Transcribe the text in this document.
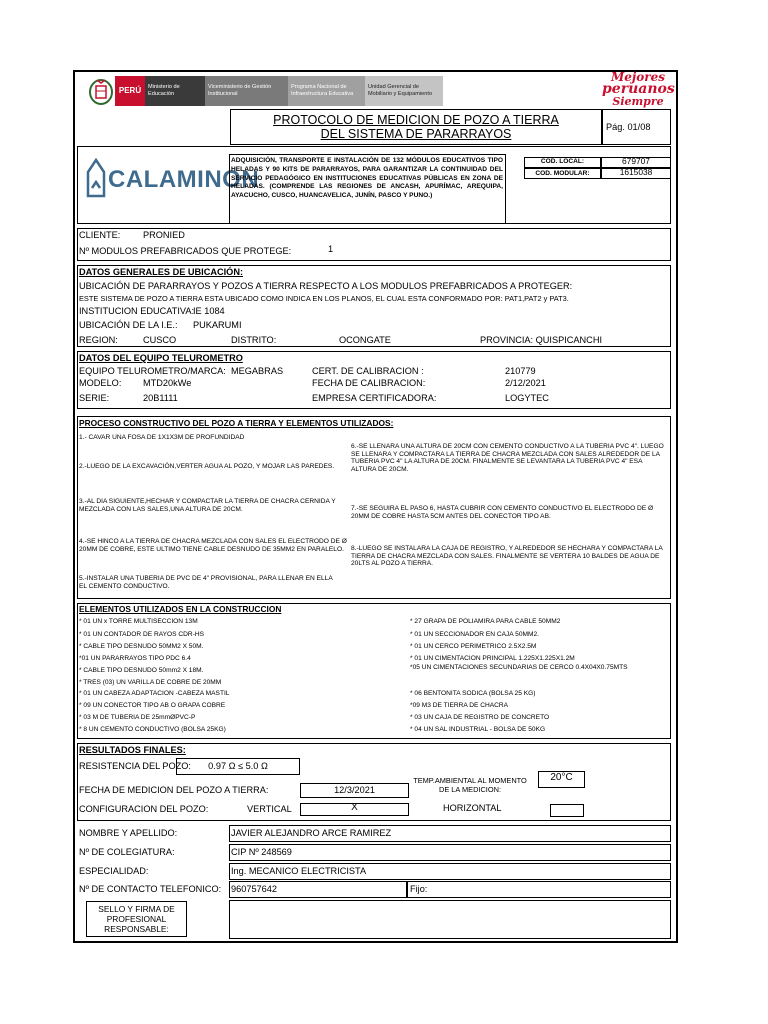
PERÚ Ministerio de Educación
Viceministerio de Gestión Institucional
Programa Nacional de Infraestructura Educativa
Unidad Gerencial de Mobiliario y Equipamiento
Mejores
peruanos
Siempre
PROTOCOLO DE MEDICION DE POZO A TIERRA
DEL SISTEMA DE PARARRAYOS	Pág. 01/08
CALAMINON
ADQUISICIÓN, TRANSPORTE E INSTALACIÓN DE 132 MÓDULOS EDUCATIVOS TIPO HELADAS Y 90 KITS DE PARARRAYOS, PARA GARANTIZAR LA CONTINUIDAD DEL SERVICIO PEDAGÓGICO EN INSTITUCIONES EDUCATIVAS PÚBLICAS EN ZONA DE HELADAS. (COMPRENDE LAS REGIONES DE ANCASH, APURÍMAC, AREQUIPA, AYACUCHO, CUSCO, HUANCAVELICA, JUNÍN, PASCO Y PUNO.)
COD. LOCAL:	679707
COD. MODULAR:	1615038
CLIENTE: PRONIED
Nº MODULOS PREFABRICADOS QUE PROTEGE:	1
DATOS GENERALES DE UBICACIÓN:
UBICACIÓN DE PARARRAYOS Y POZOS A TIERRA RESPECTO A LOS MODULOS PREFABRICADOS A PROTEGER:
ESTE SISTEMA DE POZO A TIERRA ESTA UBICADO COMO INDICA EN LOS PLANOS, EL CUAL ESTA CONFORMADO POR: PAT1,PAT2 y PAT3.
INSTITUCION EDUCATIVA:
IE 1084
UBICACIÓN DE LA I.E.: PUKARUMI
REGION:	CUSCO	DISTRITO:	OCONGATE	PROVINCIA: QUISPICANCHI
DATOS DEL EQUIPO TELUROMETRO
EQUIPO TELUROMETRO/MARCA: MEGABRAS	CERT. DE CALIBRACION :	210779
MODELO: MTD20kWe	FECHA DE CALIBRACION:	2/12/2021
SERIE:	20B1111	EMPRESA CERTIFICADORA:	LOGYTEC
PROCESO CONSTRUCTIVO DEL POZO A TIERRA Y ELEMENTOS UTILIZADOS:
1.- CAVAR UNA FOSA DE 1X1X3M DE PROFUNDIDAD
2.-LUEGO DE LA EXCAVACIÓN,VERTER AGUA AL POZO, Y MOJAR LAS PAREDES.
3.-AL DIA SIGUIENTE,HECHAR Y COMPACTAR LA TIERRA DE CHACRA CERNIDA Y MEZCLADA CON LAS SALES,UNA ALTURA DE 20CM.
4.-SE HINCO A LA TIERRA DE CHACRA MEZCLADA CON SALES EL ELECTRODO DE Ø 20MM DE COBRE, ESTE ULTIMO TIENE CABLE DESNUDO DE 35MM2 EN PARALELO.
5.-INSTALAR UNA TUBERIA DE PVC DE 4" PROVISIONAL, PARA LLENAR EN ELLA EL CEMENTO CONDUCTIVO.
6.-SE LLENARA UNA ALTURA DE 20CM CON CEMENTO CONDUCTIVO A LA TUBERIA PVC 4". LUEGO SE LLENARA Y COMPACTARA LA TIERRA DE CHACRA MEZCLADA CON SALES ALREDEDOR DE LA TUBERIA PVC 4" LA ALTURA DE 20CM. FINALMENTE SE LEVANTARA LA TUBERIA PVC 4" ESA ALTURA DE 20CM.
7.-SE SEGUIRA EL PASO 6, HASTA CUBRIR CON CEMENTO CONDUCTIVO EL ELECTRODO DE Ø 20MM DE COBRE HASTA 5CM ANTES DEL CONECTOR TIPO AB.
8.-LUEGO SE INSTALARA LA CAJA DE REGISTRO, Y ALREDEDOR SE HECHARA Y COMPACTARA LA TIERRA DE CHACRA MEZCLADA CON SALES. FINALMENTE SE VERTERA 10 BALDES DE AGUA DE 20LTS AL POZO A TIERRA.
ELEMENTOS UTILIZADOS EN LA CONSTRUCCION
* 01 UN x TORRE MULTISECCION 13M
* 01 UN CONTADOR DE RAYOS CDR-HS
* CABLE TIPO DESNUDO 50MM2 X 50M.
*01 UN PARARRAYOS TIPO PDC 6.4
* CABLE TIPO DESNUDO 50mm2 X 18M.
* TRES (03) UN VARILLA DE COBRE DE 20MM
* 01 UN CABEZA ADAPTACION -CABEZA MASTIL
* 09 UN CONECTOR TIPO AB O GRAPA COBRE
* 03 M DE TUBERIA DE 25mmØPVC-P
* 8 UN CEMENTO CONDUCTIVO (BOLSA 25KG)
* 27 GRAPA DE POLIAMIRA PARA CABLE 50MM2
* 01 UN SECCIONADOR EN CAJA 50MM2.
* 01 UN CERCO PERIMETRICO 2.5X2.5M
* 01 UN CIMENTACION PRINCIPAL 1.225X1.225X1.2M
*05 UN CIMENTACIONES SECUNDARIAS DE CERCO 0.4X04X0.75MTS
* 06 BENTONITA SODICA (BOLSA 25 KG)
*09 M3 DE TIERRA DE CHACRA
* 03 UN CAJA DE REGISTRO DE CONCRETO
* 04 UN SAL INDUSTRIAL - BOLSA DE 50KG
RESULTADOS FINALES:
RESISTENCIA DEL POZO:	0.97 Ω ≤ 5.0 Ω
FECHA DE MEDICION DEL POZO A TIERRA:	12/3/2021
TEMP.AMBIENTAL AL MOMENTO DE LA MEDICION:
20°C
CONFIGURACION DEL POZO:	VERTICAL	X	HORIZONTAL
NOMBRE Y APELLIDO:	JAVIER ALEJANDRO ARCE RAMIREZ
Nº DE COLEGIATURA:	CIP Nº 248569
ESPECIALIDAD:	Ing. MECANICO ELECTRICISTA
Nº DE CONTACTO TELEFONICO: 960757642	Fijo:
SELLO Y FIRMA DE PROFESIONAL RESPONSABLE:
